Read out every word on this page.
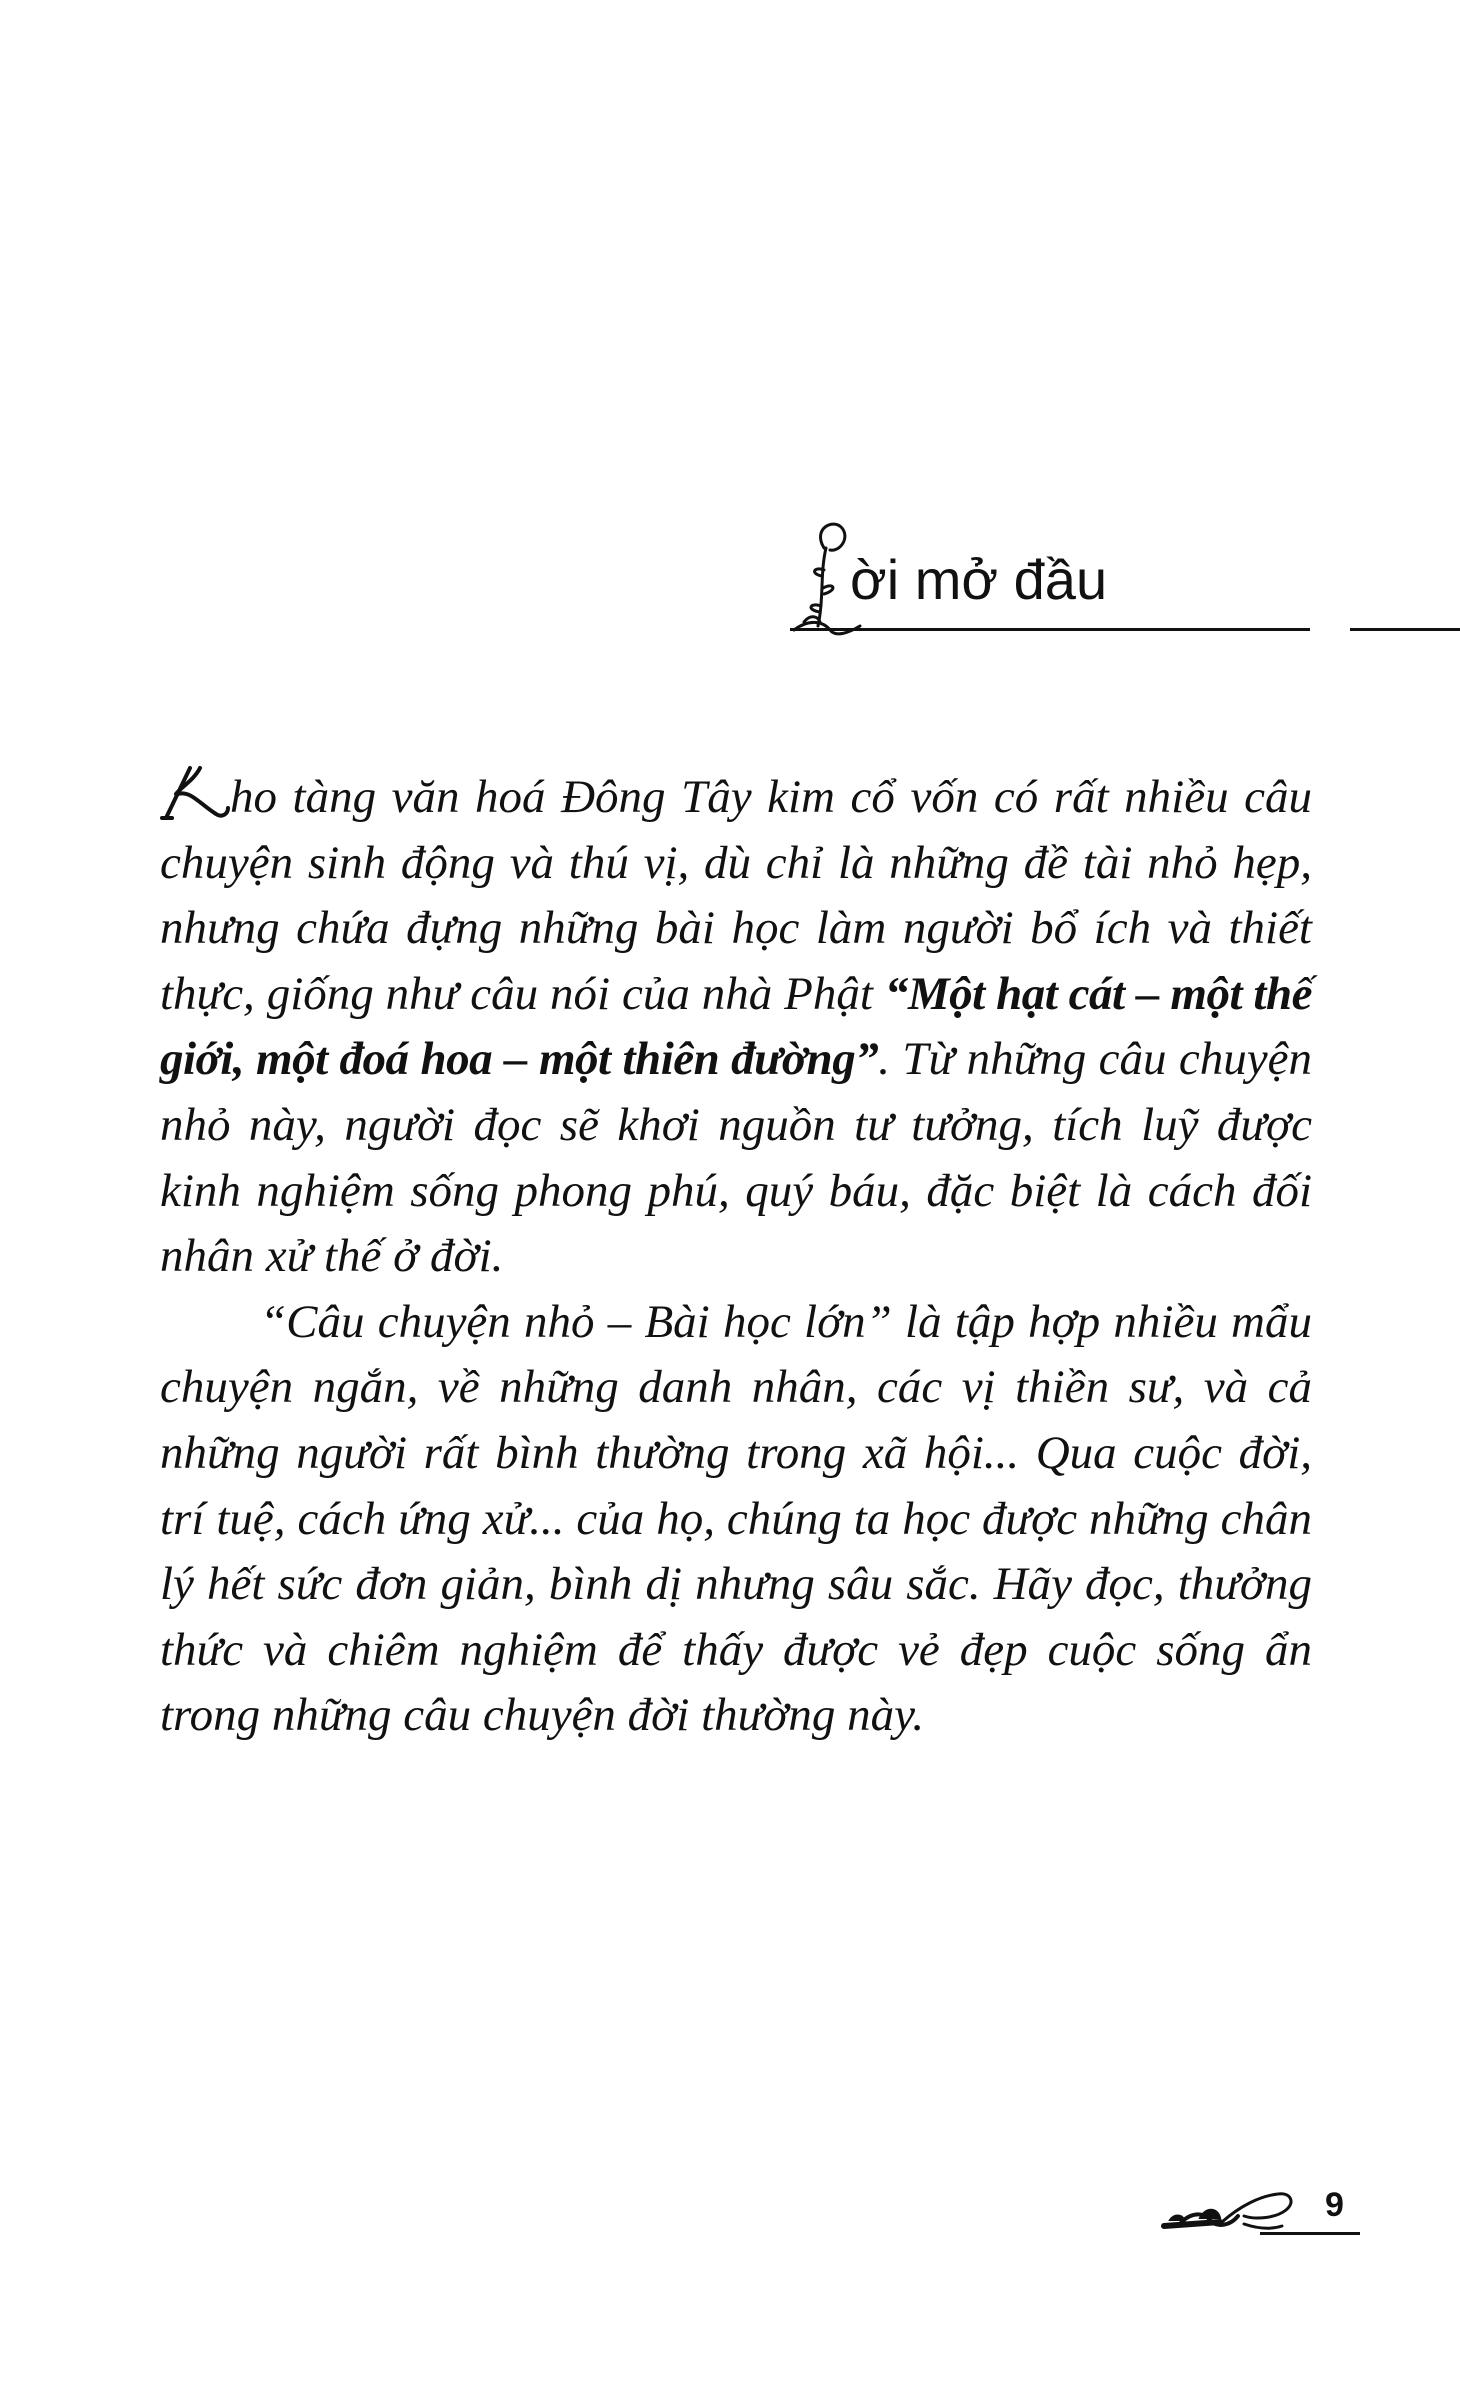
L
ời mở đầu

K
ho tàng văn hoá Đông Tây kim cổ vốn có rất nhiều câu chuyện sinh động và thú vị, dù chỉ là những đề tài nhỏ hẹp, nhưng chứa đựng những bài học làm người bổ ích và thiết thực, giống như câu nói của nhà Phật “Một hạt cát – một thế giới, một đoá hoa – một thiên đường”. Từ những câu chuyện nhỏ này, người đọc sẽ khơi nguồn tư tưởng, tích luỹ được kinh nghiệm sống phong phú, quý báu, đặc biệt là cách đối nhân xử thế ở đời.

“Câu chuyện nhỏ – Bài học lớn” là tập hợp nhiều mẩu chuyện ngắn, về những danh nhân, các vị thiền sư, và cả những người rất bình thường trong xã hội... Qua cuộc đời, trí tuệ, cách ứng xử... của họ, chúng ta học được những chân lý hết sức đơn giản, bình dị nhưng sâu sắc. Hãy đọc, thưởng thức và chiêm nghiệm để thấy được vẻ đẹp cuộc sống ẩn trong những câu chuyện đời thường này.

9
